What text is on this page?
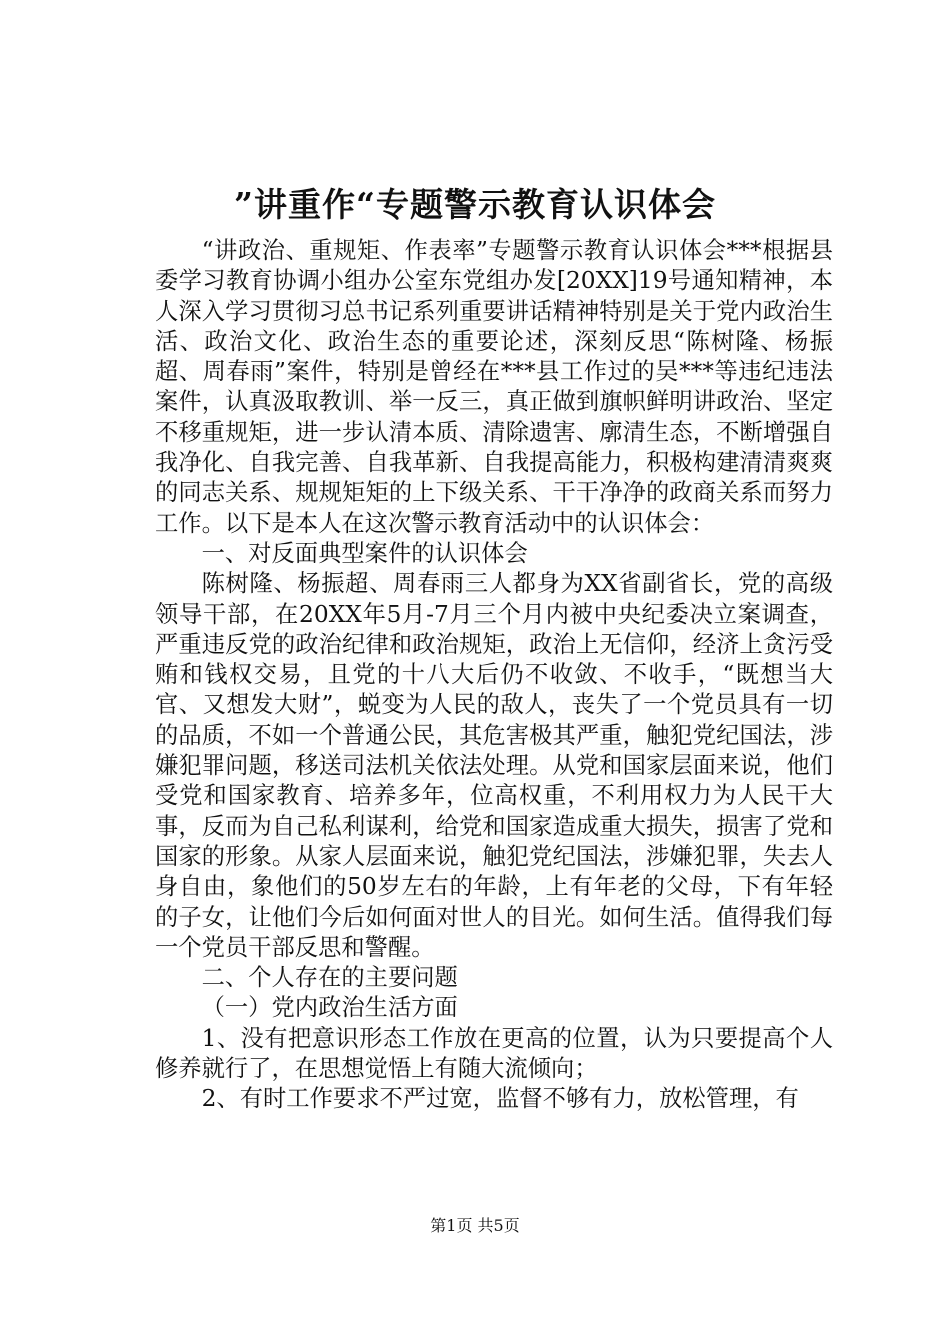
”讲重作“专题警示教育认识体会

“讲政治、重规矩、作表率”专题警示教育认识体会***根据县委学习教育协调小组办公室东党组办发[20XX]19号通知精神，本人深入学习贯彻习总书记系列重要讲话精神特别是关于党内政治生活、政治文化、政治生态的重要论述，深刻反思“陈树隆、杨振超、周春雨”案件，特别是曾经在***县工作过的吴***等违纪违法案件，认真汲取教训、举一反三，真正做到旗帜鲜明讲政治、坚定不移重规矩，进一步认清本质、清除遗害、廓清生态，不断增强自我净化、自我完善、自我革新、自我提高能力，积极构建清清爽爽的同志关系、规规矩矩的上下级关系、干干净净的政商关系而努力工作。以下是本人在这次警示教育活动中的认识体会：

一、对反面典型案件的认识体会

陈树隆、杨振超、周春雨三人都身为XX省副省长，党的高级领导干部，在20XX年5月-7月三个月内被中央纪委决立案调查，严重违反党的政治纪律和政治规矩，政治上无信仰，经济上贪污受贿和钱权交易，且党的十八大后仍不收敛、不收手，“既想当大官、又想发大财”，蜕变为人民的敌人，丧失了一个党员具有一切的品质，不如一个普通公民，其危害极其严重，触犯党纪国法，涉嫌犯罪问题，移送司法机关依法处理。从党和国家层面来说，他们受党和国家教育、培养多年，位高权重，不利用权力为人民干大事，反而为自己私利谋利，给党和国家造成重大损失，损害了党和国家的形象。从家人层面来说，触犯党纪国法，涉嫌犯罪，失去人身自由，象他们的50岁左右的年龄，上有年老的父母，下有年轻的子女，让他们今后如何面对世人的目光。如何生活。值得我们每一个党员干部反思和警醒。

二、个人存在的主要问题

（一）党内政治生活方面

1、没有把意识形态工作放在更高的位置，认为只要提高个人修养就行了，在思想觉悟上有随大流倾向；

2、有时工作要求不严过宽，监督不够有力，放松管理，有

第1页 共5页
